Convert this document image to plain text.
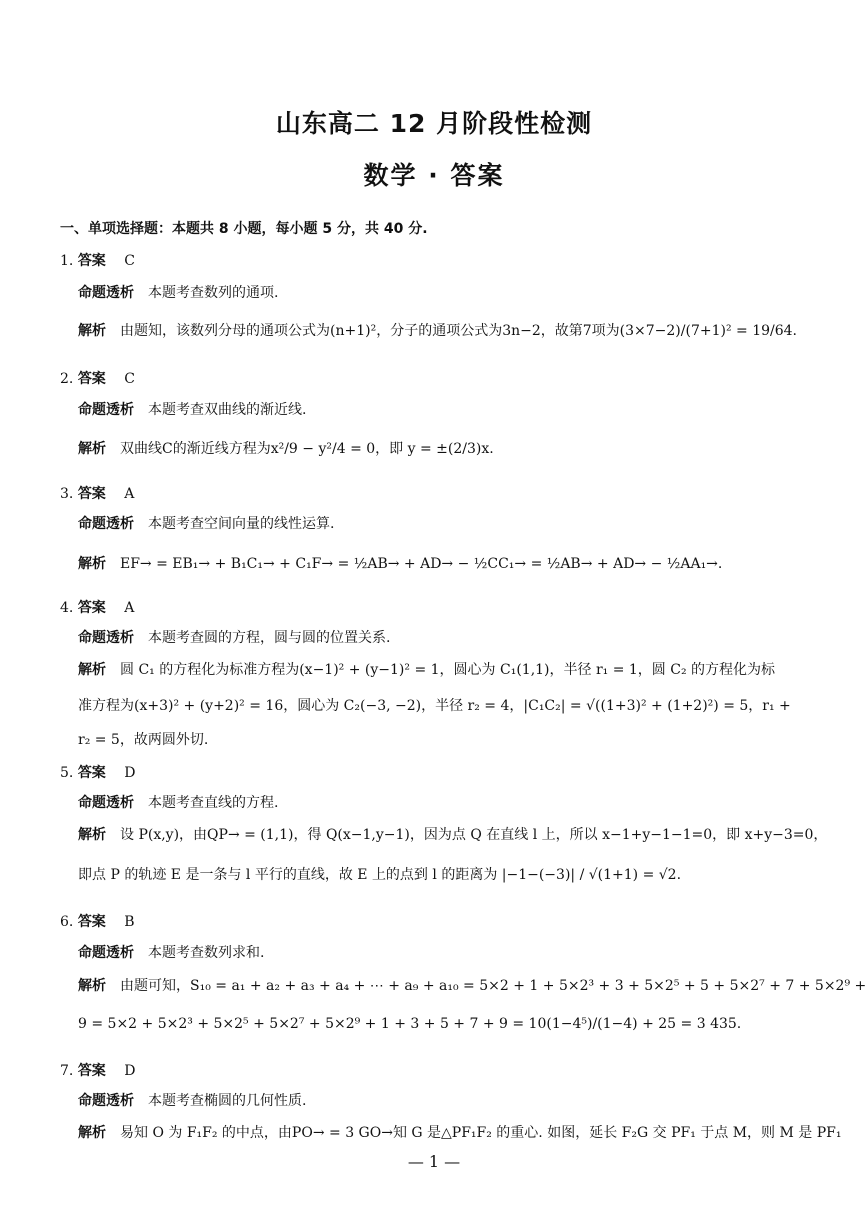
山东高二 12 月阶段性检测
数学 · 答案
一、单项选择题：本题共 8 小题，每小题 5 分，共 40 分.
1. 答案 C
命题透析 本题考查数列的通项.
解析 由题知，该数列分母的通项公式为(n+1)²，分子的通项公式为3n−2，故第7项为(3×7−2)/(7+1)² = 19/64.
2. 答案 C
命题透析 本题考查双曲线的渐近线.
解析 双曲线C的渐近线方程为x²/9 − y²/4 = 0，即 y = ±(2/3)x.
3. 答案 A
命题透析 本题考查空间向量的线性运算.
解析 EF→ = EB₁→ + B₁C₁→ + C₁F→ = ½AB→ + AD→ − ½CC₁→ = ½AB→ + AD→ − ½AA₁→.
4. 答案 A
命题透析 本题考查圆的方程，圆与圆的位置关系.
解析 圆 C₁ 的方程化为标准方程为(x−1)² + (y−1)² = 1，圆心为 C₁(1,1)，半径 r₁ = 1，圆 C₂ 的方程化为标
准方程为(x+3)² + (y+2)² = 16，圆心为 C₂(−3, −2)，半径 r₂ = 4，|C₁C₂| = √((1+3)² + (1+2)²) = 5，r₁ +
r₂ = 5，故两圆外切.
5. 答案 D
命题透析 本题考查直线的方程.
解析 设 P(x,y)，由QP→ = (1,1)，得 Q(x−1,y−1)，因为点 Q 在直线 l 上，所以 x−1+y−1−1=0，即 x+y−3=0，
即点 P 的轨迹 E 是一条与 l 平行的直线，故 E 上的点到 l 的距离为 |−1−(−3)| / √(1+1) = √2.
6. 答案 B
命题透析 本题考查数列求和.
解析 由题可知，S₁₀ = a₁ + a₂ + a₃ + a₄ + ⋯ + a₉ + a₁₀ = 5×2 + 1 + 5×2³ + 3 + 5×2⁵ + 5 + 5×2⁷ + 7 + 5×2⁹ +
9 = 5×2 + 5×2³ + 5×2⁵ + 5×2⁷ + 5×2⁹ + 1 + 3 + 5 + 7 + 9 = 10(1−4⁵)/(1−4) + 25 = 3 435.
7. 答案 D
命题透析 本题考查椭圆的几何性质.
解析 易知 O 为 F₁F₂ 的中点，由PO→ = 3 GO→知 G 是△PF₁F₂ 的重心. 如图，延长 F₂G 交 PF₁ 于点 M，则 M 是 PF₁
— 1 —
